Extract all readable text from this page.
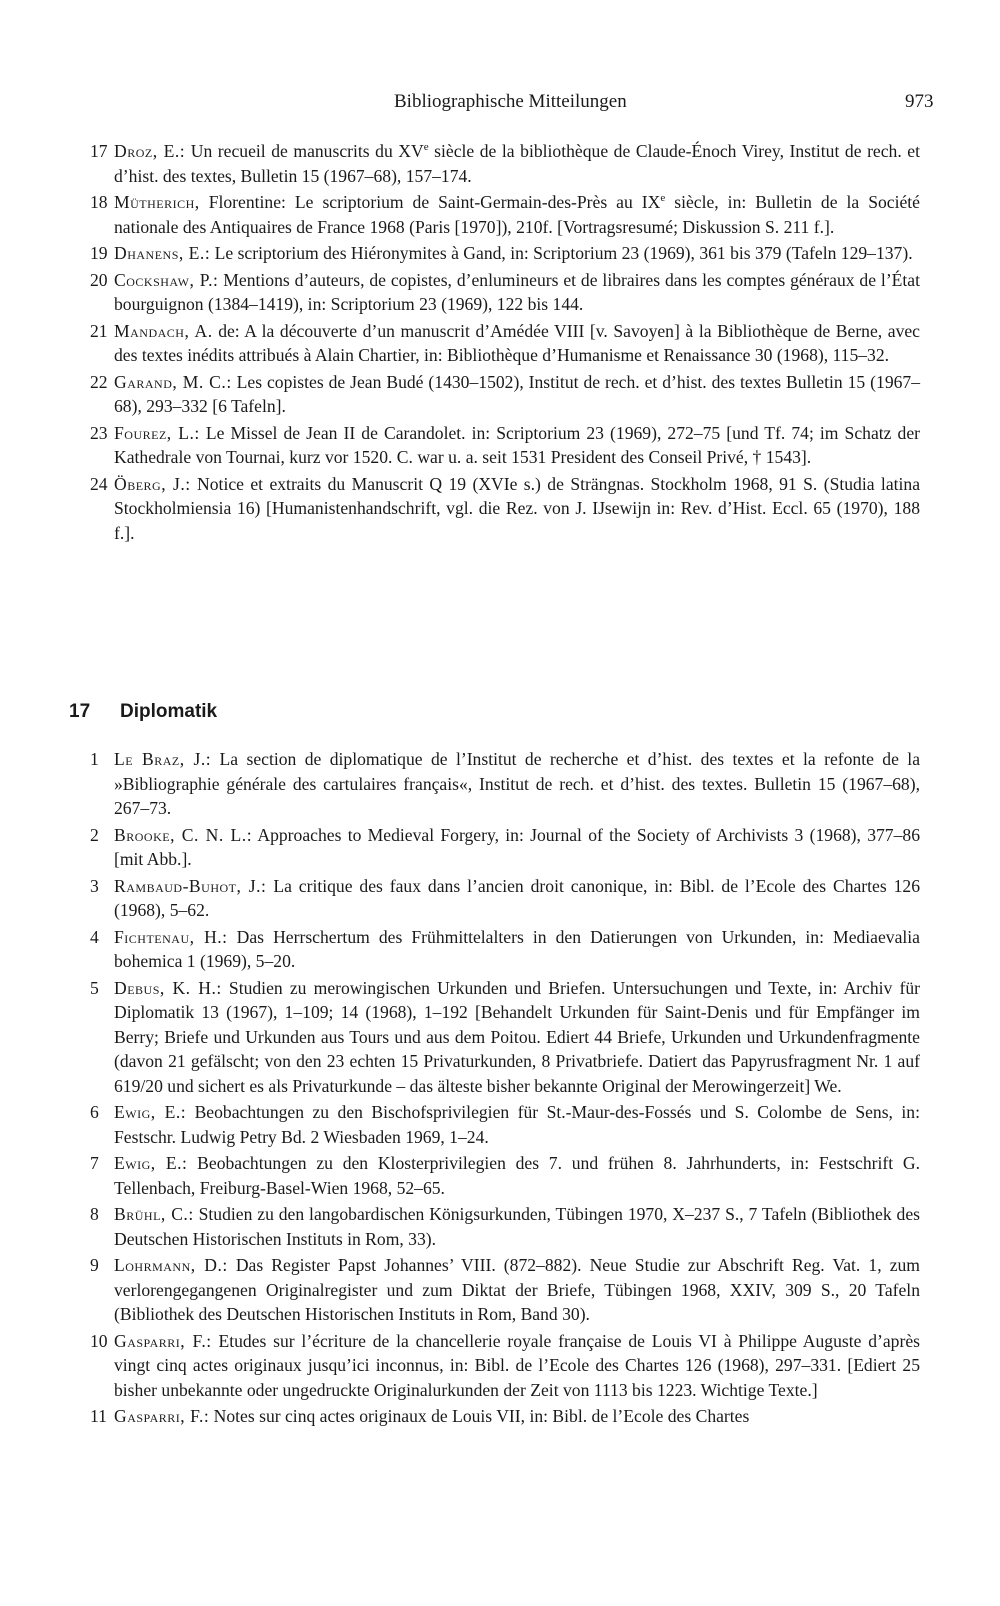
Bibliographische Mitteilungen	973
17 Droz, E.: Un recueil de manuscrits du XVe siècle de la bibliothèque de Claude-Énoch Virey, Institut de rech. et d’hist. des textes, Bulletin 15 (1967–68), 157–174.
18 Mütherich, Florentine: Le scriptorium de Saint-Germain-des-Près au IXe siècle, in: Bulletin de la Société nationale des Antiquaires de France 1968 (Paris [1970]), 210f. [Vortragsresumé; Diskussion S. 211 f.].
19 Dhanens, E.: Le scriptorium des Hiéronymites à Gand, in: Scriptorium 23 (1969), 361 bis 379 (Tafeln 129–137).
20 Cockshaw, P.: Mentions d’auteurs, de copistes, d’enlumineurs et de libraires dans les comptes généraux de l’État bourguignon (1384–1419), in: Scriptorium 23 (1969), 122 bis 144.
21 Mandach, A. de: A la découverte d’un manuscrit d’Amédée VIII [v. Savoyen] à la Bibliothèque de Berne, avec des textes inédits attribués à Alain Chartier, in: Bibliothèque d’Humanisme et Renaissance 30 (1968), 115–32.
22 Garand, M. C.: Les copistes de Jean Budé (1430–1502), Institut de rech. et d’hist. des textes Bulletin 15 (1967–68), 293–332 [6 Tafeln].
23 Fourez, L.: Le Missel de Jean II de Carandolet. in: Scriptorium 23 (1969), 272–75 [und Tf. 74; im Schatz der Kathedrale von Tournai, kurz vor 1520. C. war u. a. seit 1531 President des Conseil Privé, † 1543].
24 Öberg, J.: Notice et extraits du Manuscrit Q 19 (XVIe s.) de Strängnas. Stockholm 1968, 91 S. (Studia latina Stockholmiensia 16) [Humanistenhandschrift, vgl. die Rez. von J. IJsewijn in: Rev. d’Hist. Eccl. 65 (1970), 188 f.].
17 Diplomatik
1 Le Braz, J.: La section de diplomatique de l’Institut de recherche et d’hist. des textes et la refonte de la »Bibliographie générale des cartulaires français«, Institut de rech. et d’hist. des textes. Bulletin 15 (1967–68), 267–73.
2 Brooke, C. N. L.: Approaches to Medieval Forgery, in: Journal of the Society of Archivists 3 (1968), 377–86 [mit Abb.].
3 Rambaud-Buhot, J.: La critique des faux dans l’ancien droit canonique, in: Bibl. de l’Ecole des Chartes 126 (1968), 5–62.
4 Fichtenau, H.: Das Herrschertum des Frühmittelalters in den Datierungen von Urkunden, in: Mediaevalia bohemica 1 (1969), 5–20.
5 Debus, K. H.: Studien zu merowingischen Urkunden und Briefen. Untersuchungen und Texte, in: Archiv für Diplomatik 13 (1967), 1–109; 14 (1968), 1–192 [Behandelt Urkunden für Saint-Denis und für Empfänger im Berry; Briefe und Urkunden aus Tours und aus dem Poitou. Ediert 44 Briefe, Urkunden und Urkundenfragmente (davon 21 gefälscht; von den 23 echten 15 Privaturkunden, 8 Privatbriefe. Datiert das Papyrusfragment Nr. 1 auf 619/20 und sichert es als Privaturkunde – das älteste bisher bekannte Original der Merowingerzeit] We.
6 Ewig, E.: Beobachtungen zu den Bischofsprivilegien für St.-Maur-des-Fossés und S. Colombe de Sens, in: Festschr. Ludwig Petry Bd. 2 Wiesbaden 1969, 1–24.
7 Ewig, E.: Beobachtungen zu den Klosterprivilegien des 7. und frühen 8. Jahrhunderts, in: Festschrift G. Tellenbach, Freiburg-Basel-Wien 1968, 52–65.
8 Brühl, C.: Studien zu den langobardischen Königsurkunden, Tübingen 1970, X–237 S., 7 Tafeln (Bibliothek des Deutschen Historischen Instituts in Rom, 33).
9 Lohrmann, D.: Das Register Papst Johannes’ VIII. (872–882). Neue Studie zur Abschrift Reg. Vat. 1, zum verlorengegangenen Originalregister und zum Diktat der Briefe, Tübingen 1968, XXIV, 309 S., 20 Tafeln (Bibliothek des Deutschen Historischen Instituts in Rom, Band 30).
10 Gasparri, F.: Etudes sur l’écriture de la chancellerie royale française de Louis VI à Philippe Auguste d’après vingt cinq actes originaux jusqu’ici inconnus, in: Bibl. de l’Ecole des Chartes 126 (1968), 297–331. [Ediert 25 bisher unbekannte oder ungedruckte Originalurkunden der Zeit von 1113 bis 1223. Wichtige Texte.]
11 Gasparri, F.: Notes sur cinq actes originaux de Louis VII, in: Bibl. de l’Ecole des Chartes
